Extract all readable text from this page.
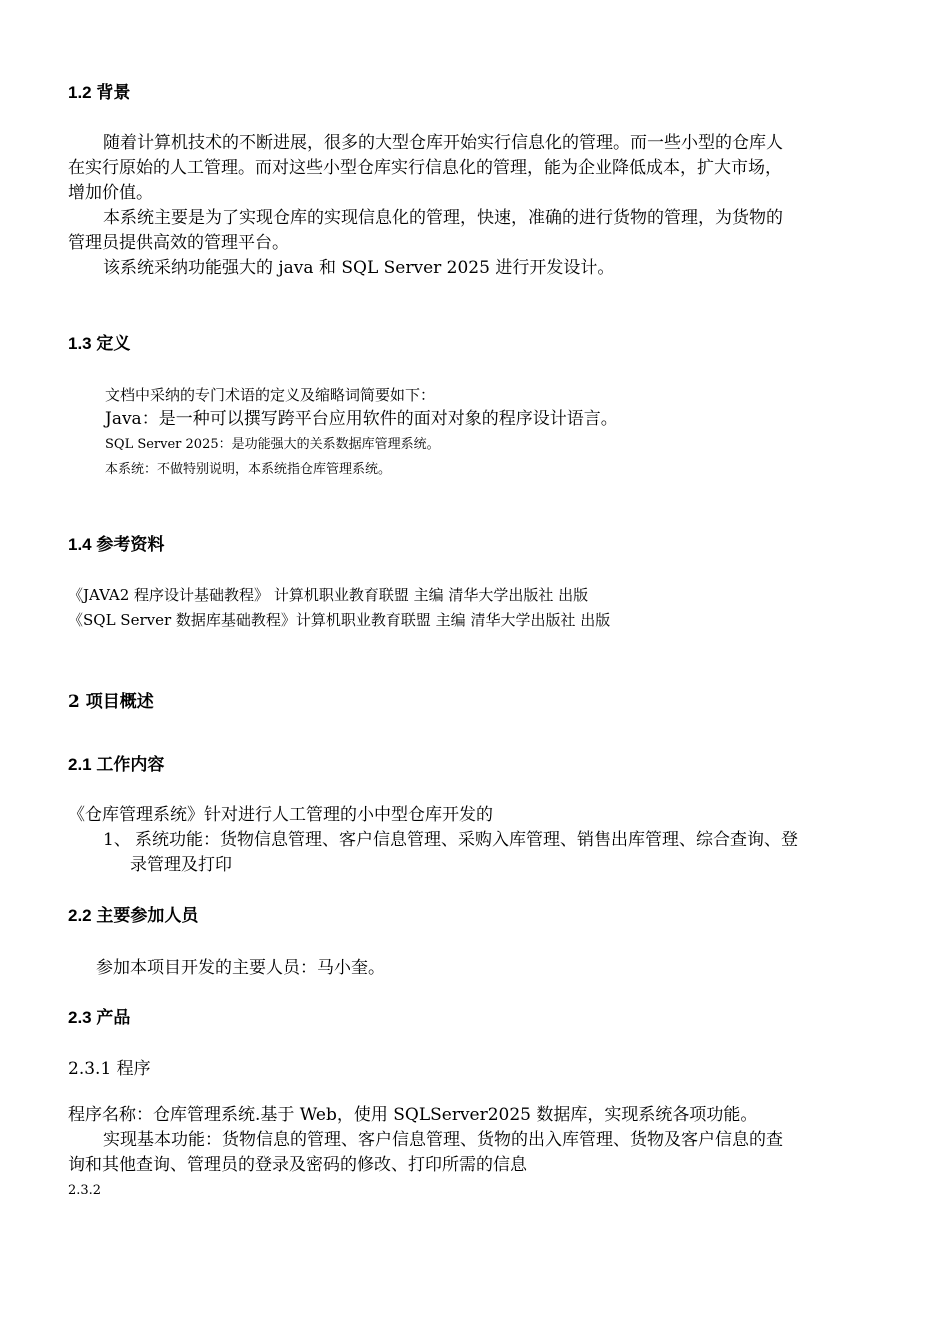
1.2 背景
随着计算机技术的不断进展，很多的大型仓库开始实行信息化的管理。而一些小型的仓库人
在实行原始的人工管理。而对这些小型仓库实行信息化的管理，能为企业降低成本，扩大市场，
增加价值。
本系统主要是为了实现仓库的实现信息化的管理，快速，准确的进行货物的管理，为货物的
管理员提供高效的管理平台。
该系统采纳功能强大的 java 和 SQL Server 2025 进行开发设计。
1.3 定义
文档中采纳的专门术语的定义及缩略词简要如下：
Java：是一种可以撰写跨平台应用软件的面对对象的程序设计语言。
SQL Server 2025：是功能强大的关系数据库管理系统。
本系统：不做特别说明，本系统指仓库管理系统。
1.4 参考资料
《JAVA2 程序设计基础教程》 计算机职业教育联盟 主编 清华大学出版社 出版
《SQL Server 数据库基础教程》计算机职业教育联盟 主编 清华大学出版社 出版
2 项目概述
2.1 工作内容
《仓库管理系统》针对进行人工管理的小中型仓库开发的
1、 系统功能：货物信息管理、客户信息管理、采购入库管理、销售出库管理、综合查询、登
录管理及打印
2.2 主要参加人员
参加本项目开发的主要人员：马小奎。
2.3 产品
2.3.1 程序
程序名称：仓库管理系统.基于 Web，使用 SQLServer2025 数据库，实现系统各项功能。
实现基本功能：货物信息的管理、客户信息管理、货物的出入库管理、货物及客户信息的查
询和其他查询、管理员的登录及密码的修改、打印所需的信息
2.3.2
